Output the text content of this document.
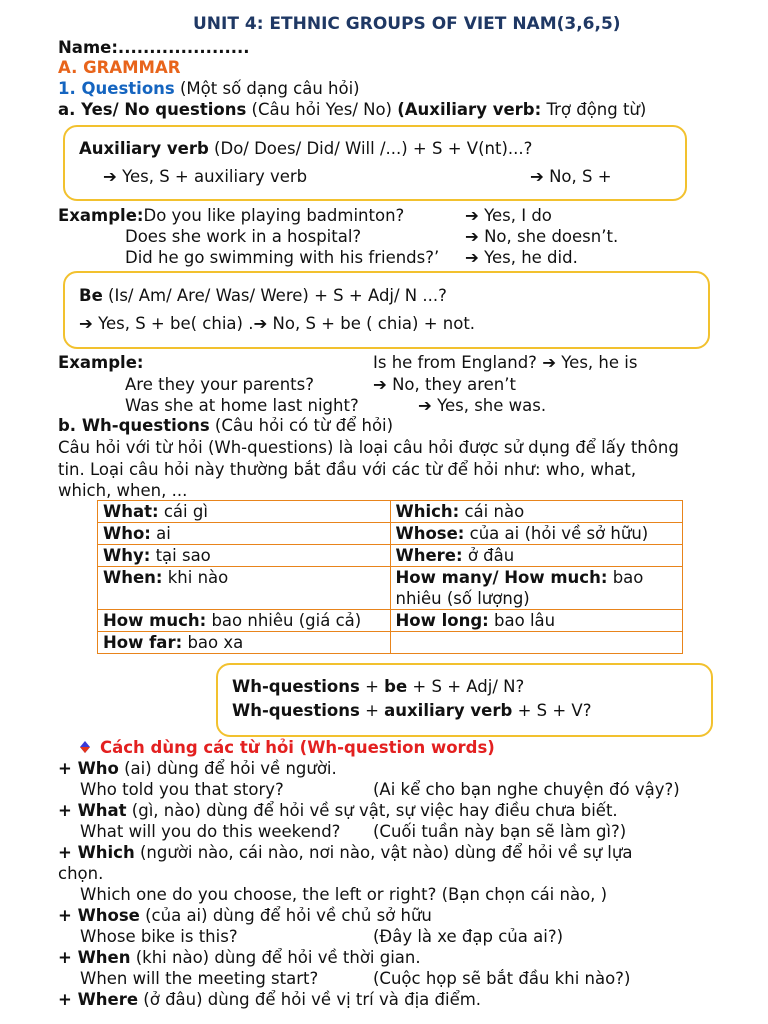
UNIT 4: ETHNIC GROUPS OF VIET NAM(3,6,5)
Name:.....................
A. GRAMMAR
1. Questions (Một số dạng câu hỏi)
a. Yes/ No questions (Câu hỏi Yes/ No) (Auxiliary verb: Trợ động từ)
Auxiliary verb (Do/ Does/ Did/ Will /...) + S + V(nt)...?
➔ Yes, S + auxiliary verb	➔ No, S +
Example:Do you like playing badminton?	➔ Yes, I do
Does she work in a hospital?	➔ No, she doesn’t.
Did he go swimming with his friends?’ ➔ Yes, he did.
Be (Is/ Am/ Are/ Was/ Were) + S + Adj/ N ...?
➔ Yes, S + be( chia) .➔ No, S + be ( chia) + not.
Example:	Is he from England? ➔ Yes, he is
Are they your parents?	➔ No, they aren’t
Was she at home last night?	➔ Yes, she was.
b. Wh-questions (Câu hỏi có từ để hỏi)
Câu hỏi với từ hỏi (Wh-questions) là loại câu hỏi được sử dụng để lấy thông
tin. Loại câu hỏi này thường bắt đầu với các từ để hỏi như: who, what,
which, when, ...
What: cái gì	Which: cái nào
Who: ai	Whose: của ai (hỏi về sở hữu)
Why: tại sao	Where: ở đâu
When: khi nào	How many/ How much: bao nhiêu (số lượng)
How much: bao nhiêu (giá cả)	How long: bao lâu
How far: bao xa	
Wh-questions + be + S + Adj/ N?
Wh-questions + auxiliary verb + S + V?
Cách dùng các từ hỏi (Wh-question words)
+ Who (ai) dùng để hỏi về người.
Who told you that story?	(Ai kể cho bạn nghe chuyện đó vậy?)
+ What (gì, nào) dùng để hỏi về sự vật, sự việc hay điều chưa biết.
What will you do this weekend? (Cuối tuần này bạn sẽ làm gì?)
+ Which (người nào, cái nào, nơi nào, vật nào) dùng để hỏi về sự lựa
chọn.
Which one do you choose, the left or right? (Bạn chọn cái nào, )
+ Whose (của ai) dùng để hỏi về chủ sở hữu
Whose bike is this?	(Đây là xe đạp của ai?)
+ When (khi nào) dùng để hỏi về thời gian.
When will the meeting start?	(Cuộc họp sẽ bắt đầu khi nào?)
+ Where (ở đâu) dùng để hỏi về vị trí và địa điểm.
